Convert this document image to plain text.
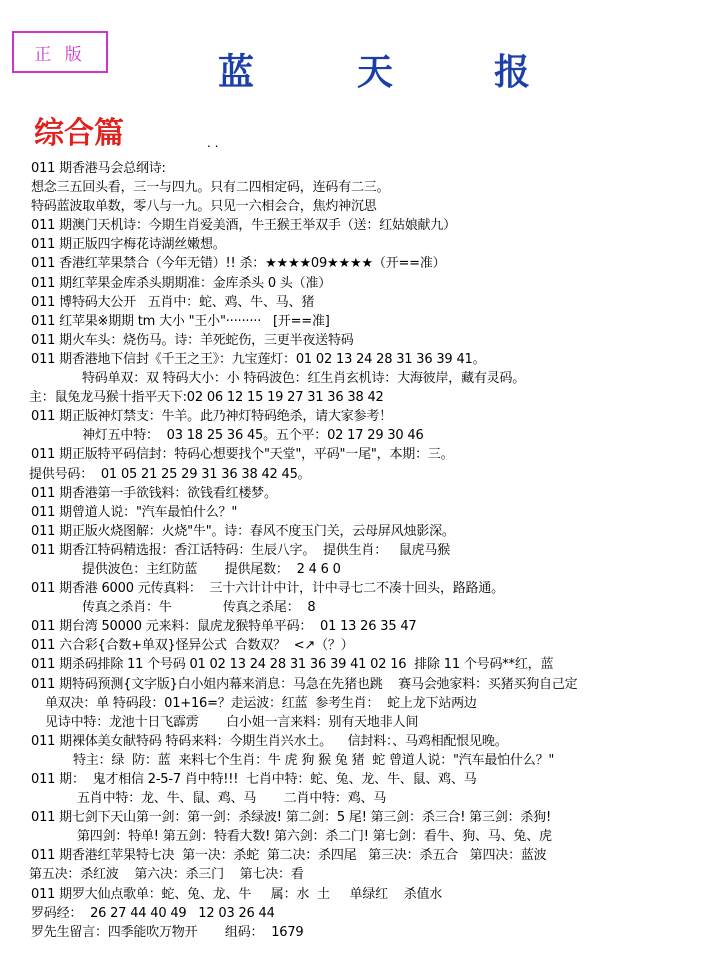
正 版	蓝	天	报
综合篇	. .
011 期香港马会总纲诗:
想念三五回头看，三一与四九。只有二四相定码，连码有二三。
特码蓝波取单数，零八与一九。只见一六相会合，焦灼神沉思
011 期澳门天机诗：今期生肖爱美酒，牛王猴王举双手（送：红姑娘献九）
011 期正版四字梅花诗湖丝嫩想。
011 香港红苹果禁合（今年无错）!! 杀：★★★★09★★★★（开==准）
011 期红苹果金库杀头期期准：金库杀头 0 头（准）
011 博特码大公开   五肖中：蛇、鸡、牛、马、猪
011 红苹果※期期 tm 大小 "王小"·········   [开==准]
011 期火车头：烧伤马。诗：羊死蛇伤，三更半夜送特码
011 期香港地下信封《千王之王》：九宝莲灯：01 02 13 24 28 31 36 39 41。
特码单双：双 特码大小：小 特码波色：红生肖玄机诗：大海彼岸，藏有灵码。
主：鼠兔龙马猴十指平天下:02 06 12 15 19 27 31 36 38 42
011 期正版神灯禁支：牛羊。此乃神灯特码绝杀，请大家参考！
神灯五中特：  03 18 25 36 45。五个平：02 17 29 30 46
011 期正版特平码信封：特码心想要找个"天堂"，平码"一尾"，本期：三。
提供号码：  01 05 21 25 29 31 36 38 42 45。
011 期香港第一手欲钱料：欲钱看红楼梦。
011 期曾道人说："汽车最怕什么？"
011 期正版火烧图解：火烧"牛"。诗：春风不度玉门关，云母屏风烛影深。
011 期香江特码精选报：香江话特码：生辰八字。  提供生肖：   鼠虎马猴
提供波色：主红防蓝       提供尾数：  2 4 6 0
011 期香港 6000 元传真料：  三十六计计中计，计中寻七二不凑十回头，路路通。
传真之杀肖：牛             传真之杀尾：  8
011 期台湾 50000 元来料：鼠虎龙猴特单平码：  01 13 26 35 47
011 六合彩{合数+单双}怪异公式  合数双？  <↗（？）
011 期杀码排除 11 个号码 01 02 13 24 28 31 36 39 41 02 16  排除 11 个号码**红，蓝
011 期特码预测{文字版}白小姐内幕来消息：马急在先猪也跳    赛马会弛家料：买猪买狗自己定
单双决：单 特码段：01+16=？走运波：红蓝  参考生肖：  蛇上龙下站两边
见诗中特：龙池十日飞霹雳       白小姐一言来料：别有天地非人间
011 期裸体美女献特码 特码来料：今期生肖兴水土。    信封料：、马鸡相配恨见晚。
特主：绿  防：蓝  来料七个生肖：牛 虎 狗 猴 兔 猪  蛇 曾道人说："汽车最怕什么？"
011 期：  鬼才相信 2-5-7 肖中特!!!  七肖中特：蛇、兔、龙、牛、鼠、鸡、马
五肖中特：龙、牛、鼠、鸡、马       二肖中特：鸡、马
011 期七剑下天山第一剑：第一剑：杀绿波! 第二剑：5 尾! 第三剑：杀三合! 第三剑：杀狗!
第四剑：特单! 第五剑：特看大数! 第六剑：杀二门! 第七剑：看牛、狗、马、兔、虎
011 期香港红苹果特七决  第一决：杀蛇  第二决：杀四尾   第三决：杀五合   第四决：蓝波
第五决：杀红波    第六决：杀三门    第七决：看
011 期罗大仙点歌单：蛇、兔、龙、牛     属：水  土     单绿红    杀值水
罗码经：  26 27 44 40 49   12 03 26 44
罗先生留言：四季能吹万物开       组码：  1679
